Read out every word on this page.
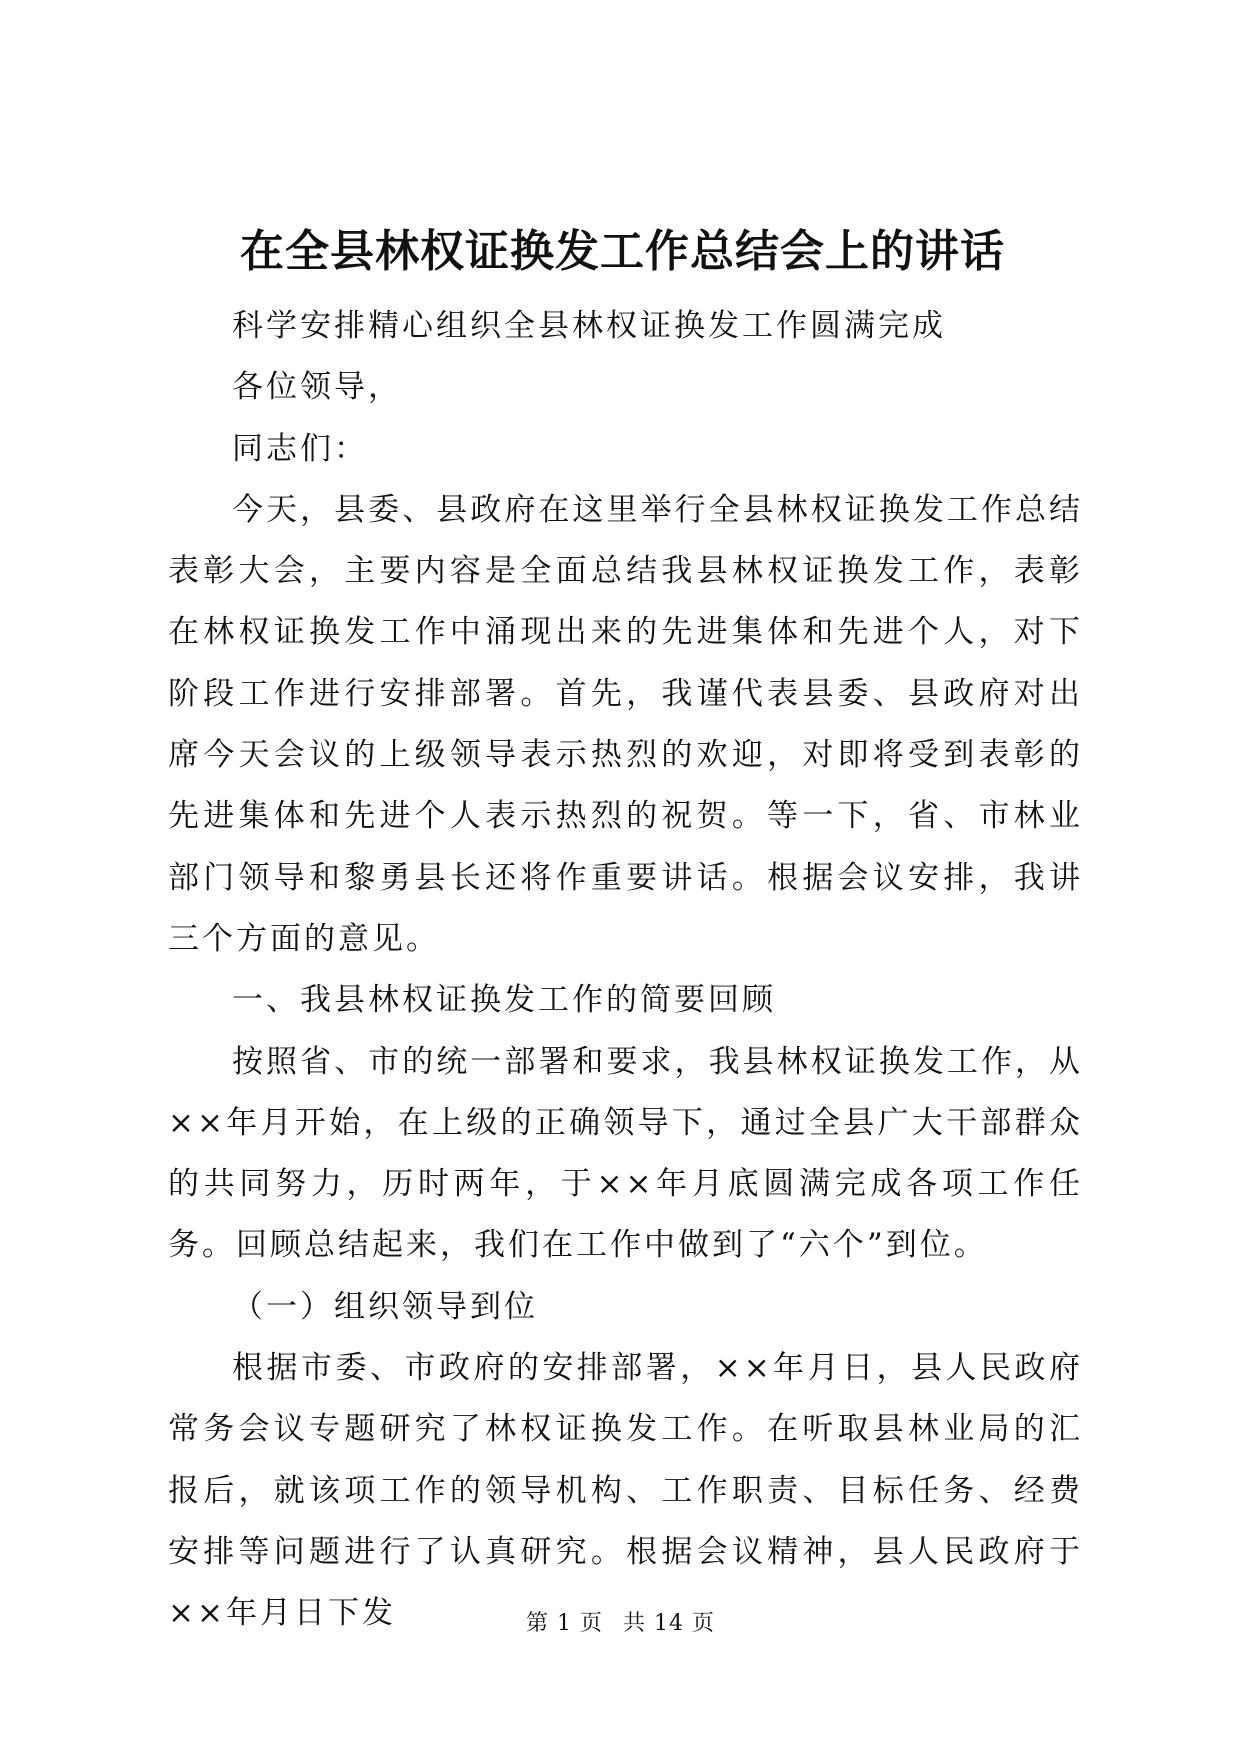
在全县林权证换发工作总结会上的讲话

科学安排精心组织全县林权证换发工作圆满完成

各位领导，

同志们：

今天，县委、县政府在这里举行全县林权证换发工作总结表彰大会，主要内容是全面总结我县林权证换发工作，表彰在林权证换发工作中涌现出来的先进集体和先进个人，对下阶段工作进行安排部署。首先，我谨代表县委、县政府对出席今天会议的上级领导表示热烈的欢迎，对即将受到表彰的先进集体和先进个人表示热烈的祝贺。等一下，省、市林业部门领导和黎勇县长还将作重要讲话。根据会议安排，我讲三个方面的意见。

一、我县林权证换发工作的简要回顾

按照省、市的统一部署和要求，我县林权证换发工作，从××年月开始，在上级的正确领导下，通过全县广大干部群众的共同努力，历时两年，于××年月底圆满完成各项工作任务。回顾总结起来，我们在工作中做到了“六个”到位。

（一）组织领导到位

根据市委、市政府的安排部署，××年月日，县人民政府常务会议专题研究了林权证换发工作。在听取县林业局的汇报后，就该项工作的领导机构、工作职责、目标任务、经费安排等问题进行了认真研究。根据会议精神，县人民政府于××年月日下发	第 1 页 共 14 页
